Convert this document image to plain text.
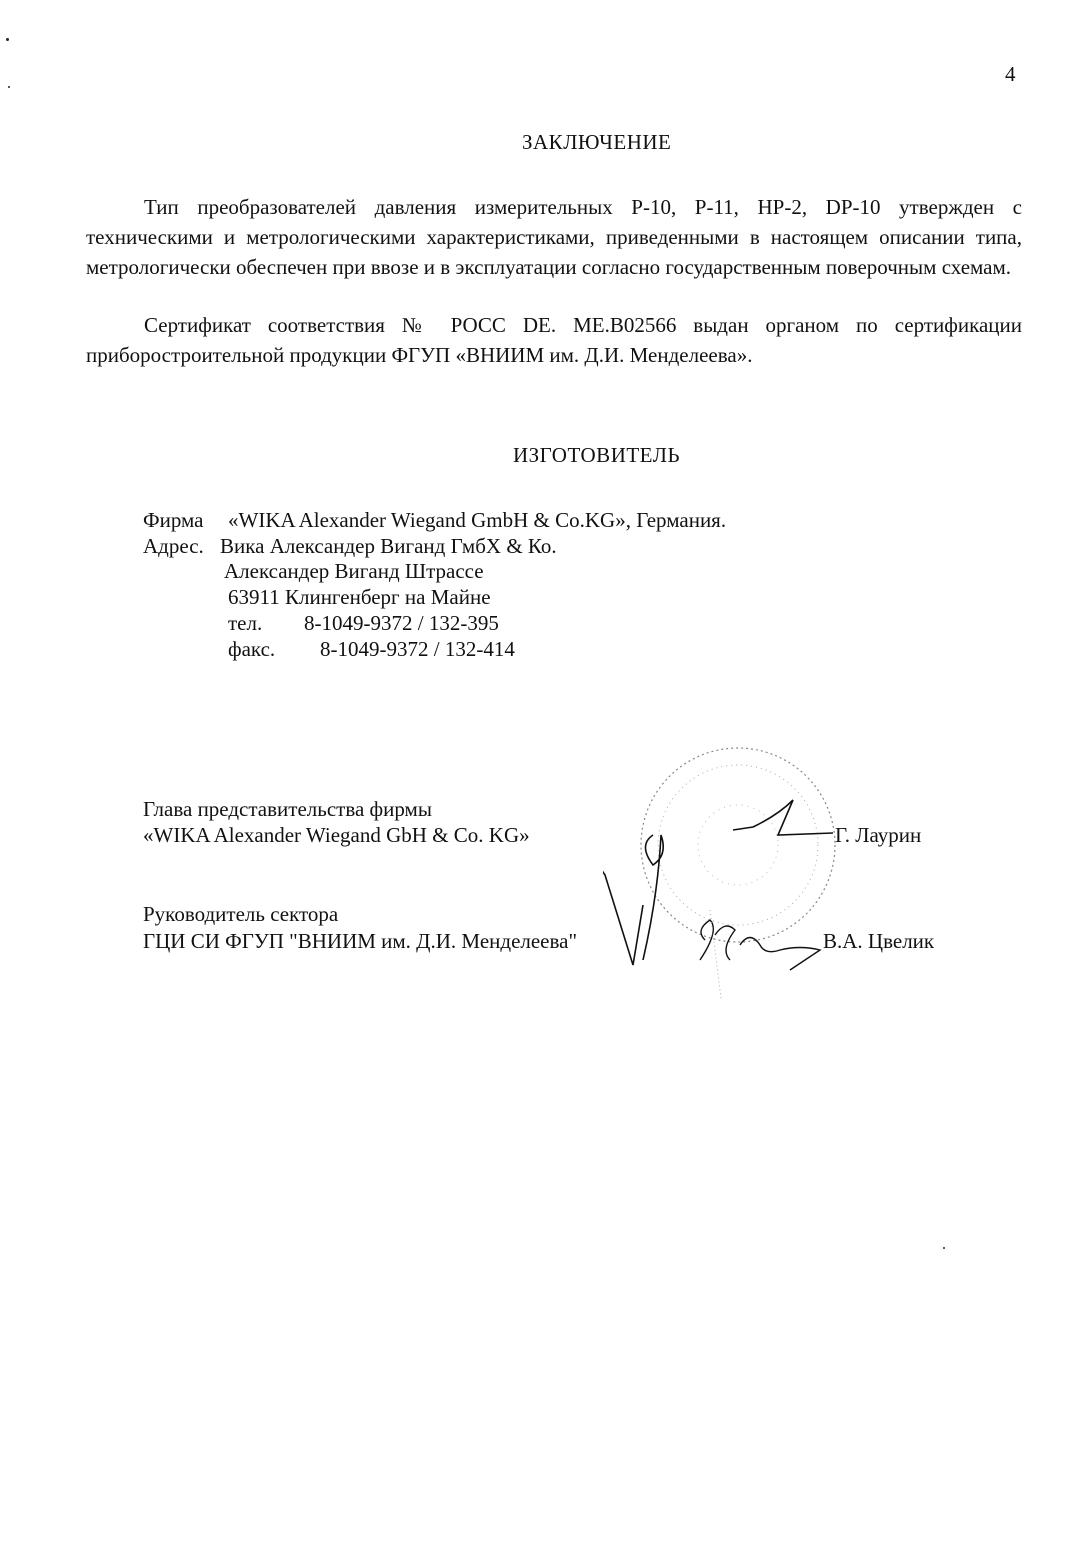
4
ЗАКЛЮЧЕНИЕ
Тип преобразователей давления измерительных Р-10, Р-11, НР-2, DP-10 утвержден с техническими и метрологическими характеристиками, приведенными в настоящем описании типа, метрологически обеспечен при ввозе и в эксплуатации согласно государственным поверочным схемам.
Сертификат соответствия № РОСС DE. ME.B02566 выдан органом по сертификации приборостроительной продукции ФГУП «ВНИИМ им. Д.И. Менделеева».
ИЗГОТОВИТЕЛЬ
Фирма «WIKA Alexander Wiegand GmbH & Co.KG», Германия.
Адрес. Вика Александер Виганд ГмбХ & Ко.
Александер Виганд Штрассе
63911 Клингенберг на Майне
тел. 8-1049-9372 / 132-395
факс. 8-1049-9372 / 132-414
Глава представительства фирмы
«WIKA Alexander Wiegand GbH & Co. KG»	Г. Лаурин
Руководитель сектора
ГЦИ СИ ФГУП "ВНИИМ им. Д.И. Менделеева"	В.А. Цвелик
